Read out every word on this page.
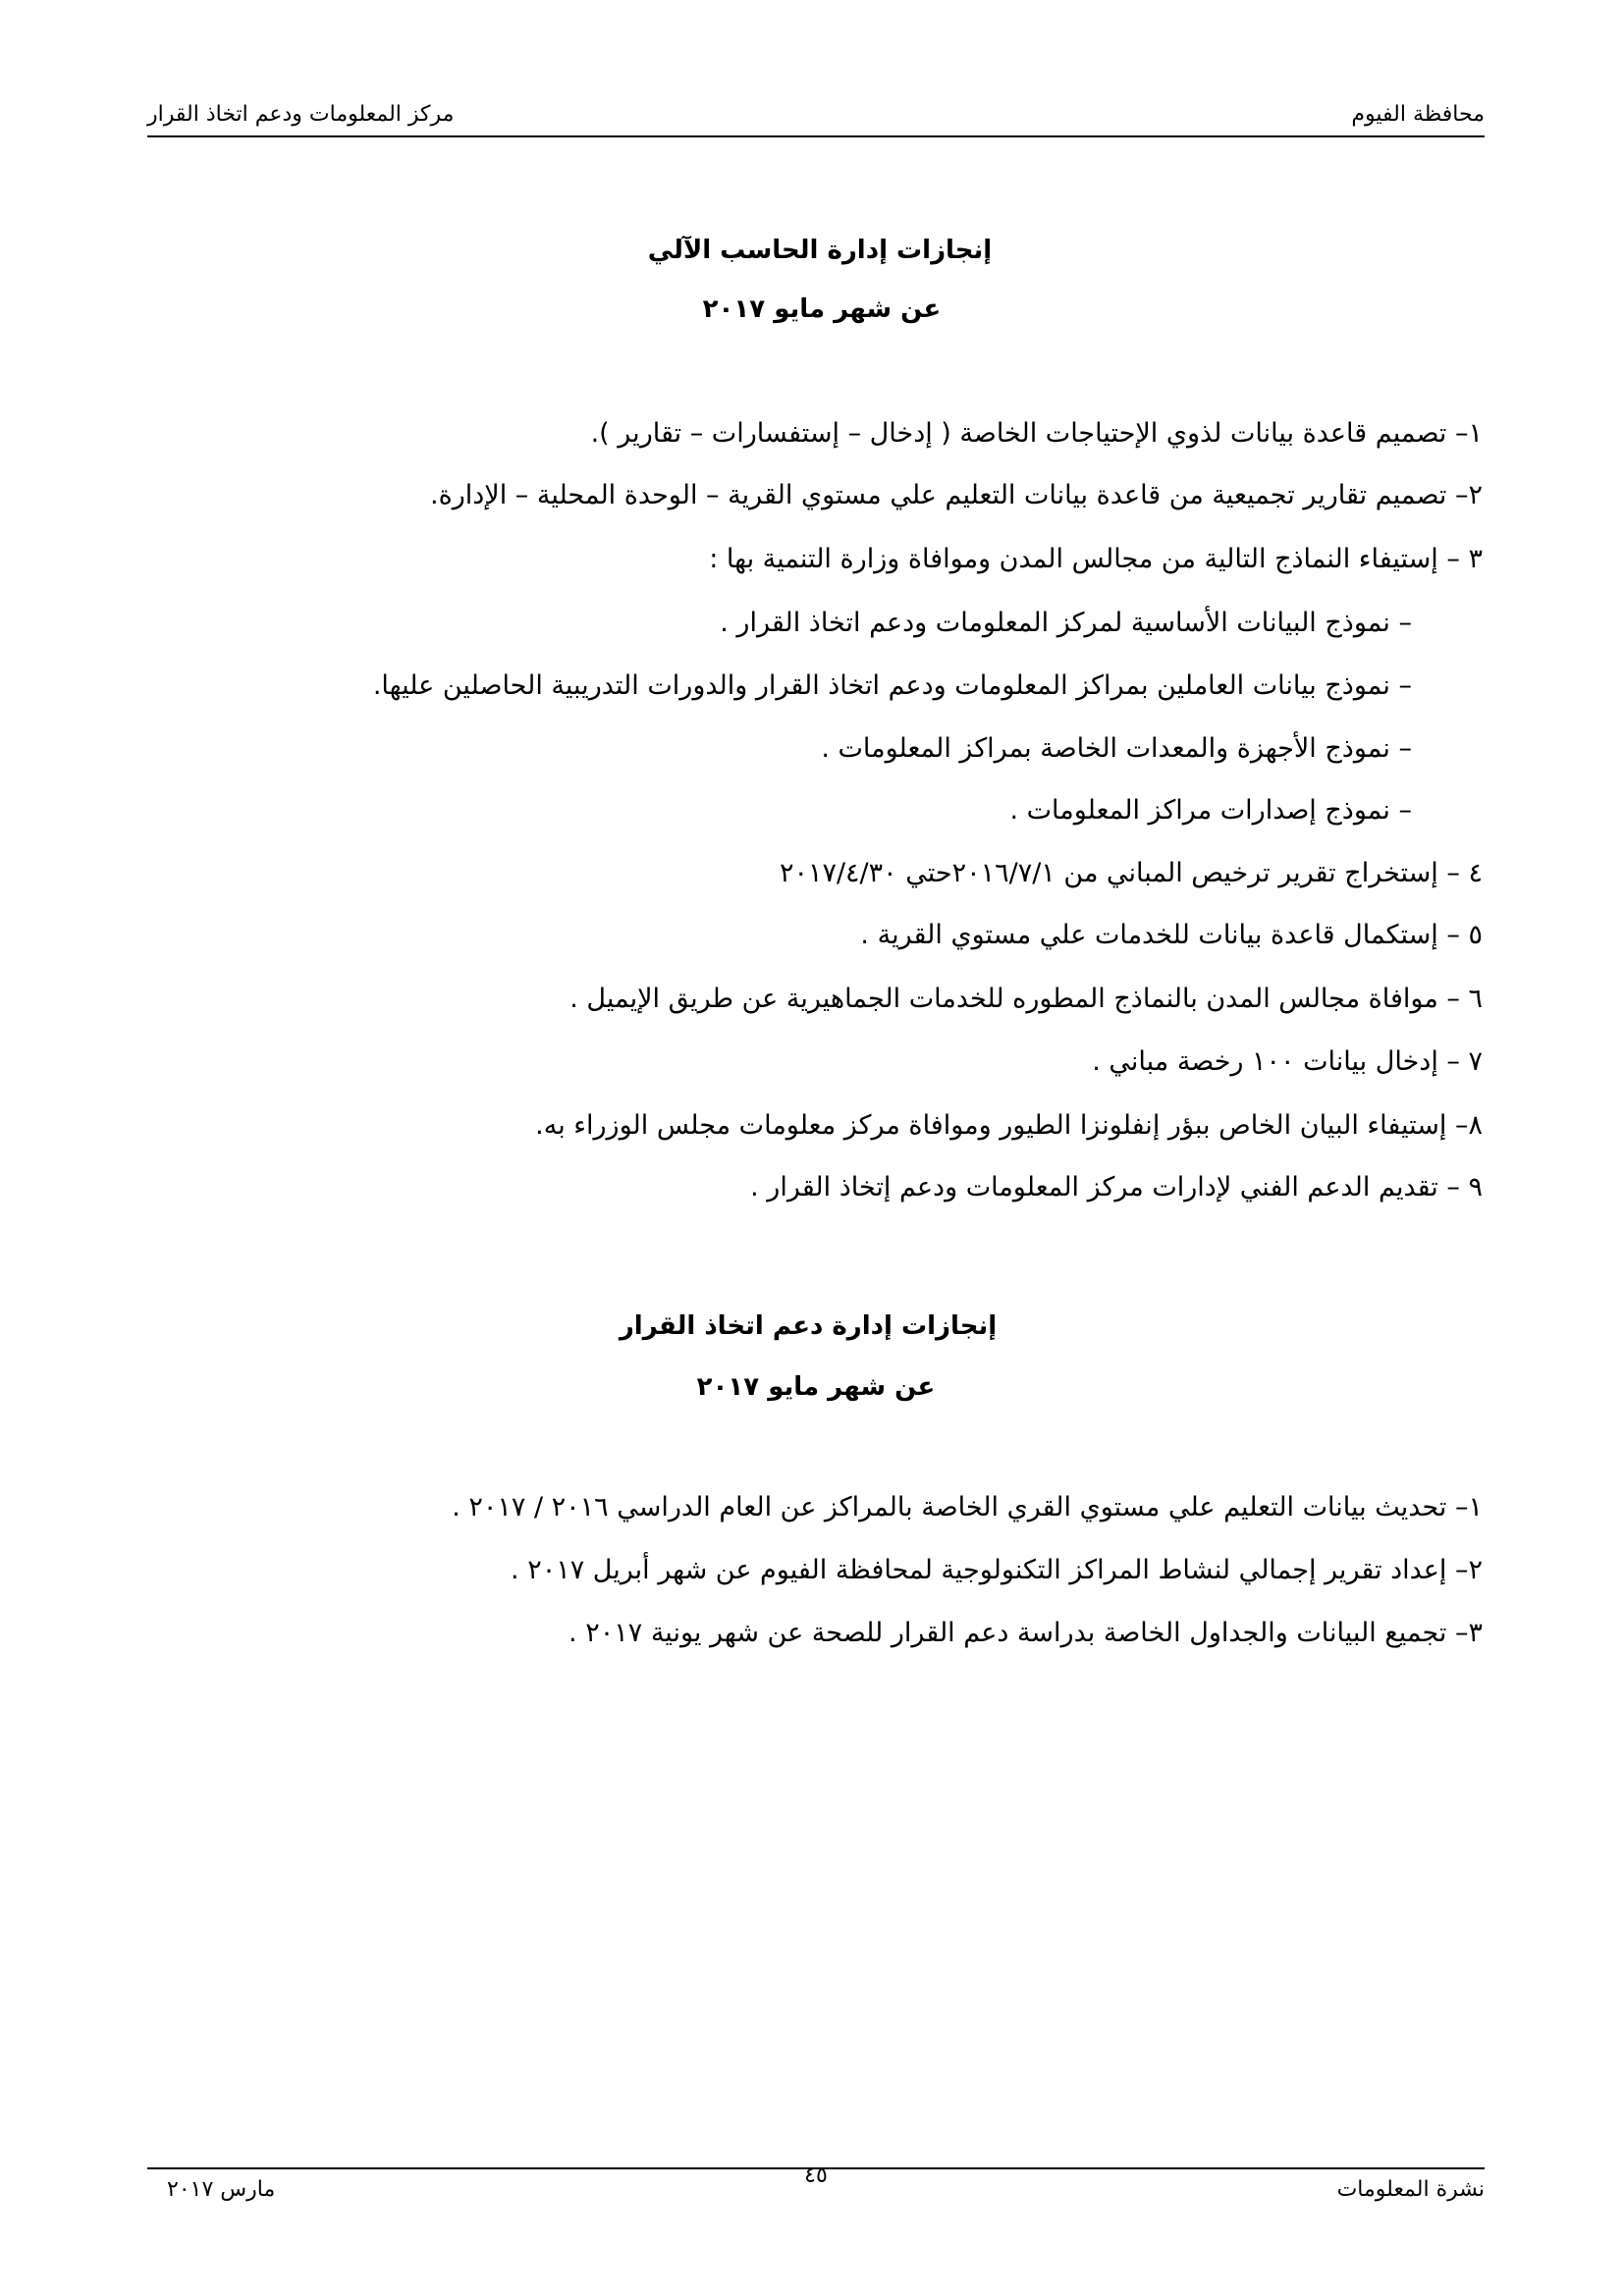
محافظة الفيوم
مركز المعلومات ودعم اتخاذ القرار
إنجازات إدارة الحاسب الآلي
عن شهر مايو ٢٠١٧
١– تصميم قاعدة بيانات لذوي الإحتياجات الخاصة ( إدخال – إستفسارات – تقارير ).
٢– تصميم تقارير تجميعية من قاعدة بيانات التعليم علي مستوي القرية – الوحدة المحلية – الإدارة.
٣ – إستيفاء النماذج التالية من مجالس المدن وموافاة وزارة التنمية بها :
– نموذج البيانات الأساسية لمركز المعلومات ودعم اتخاذ القرار .
– نموذج بيانات العاملين بمراكز المعلومات ودعم اتخاذ القرار والدورات التدريبية الحاصلين عليها.
– نموذج الأجهزة والمعدات الخاصة بمراكز المعلومات .
– نموذج إصدارات مراكز المعلومات .
٤ – إستخراج تقرير ترخيص المباني من ٢٠١٦/٧/١حتي ٢٠١٧/٤/٣٠
٥ – إستكمال قاعدة بيانات للخدمات علي مستوي القرية .
٦ – موافاة مجالس المدن بالنماذج المطوره للخدمات الجماهيرية عن طريق الإيميل .
٧ – إدخال بيانات ١٠٠ رخصة مباني .
٨– إستيفاء البيان الخاص ببؤر إنفلونزا الطيور وموافاة مركز معلومات مجلس الوزراء به.
٩ – تقديم الدعم الفني لإدارات مركز المعلومات ودعم إتخاذ القرار .
إنجازات إدارة دعم اتخاذ القرار
عن شهر مايو ٢٠١٧
١– تحديث بيانات التعليم علي مستوي القري الخاصة بالمراكز عن العام الدراسي ٢٠١٦ / ٢٠١٧ .
٢– إعداد تقرير إجمالي لنشاط المراكز التكنولوجية لمحافظة الفيوم عن شهر أبريل ٢٠١٧ .
٣– تجميع البيانات والجداول الخاصة بدراسة دعم القرار للصحة عن شهر يونية ٢٠١٧ .
نشرة المعلومات
٤٥
مارس ٢٠١٧
